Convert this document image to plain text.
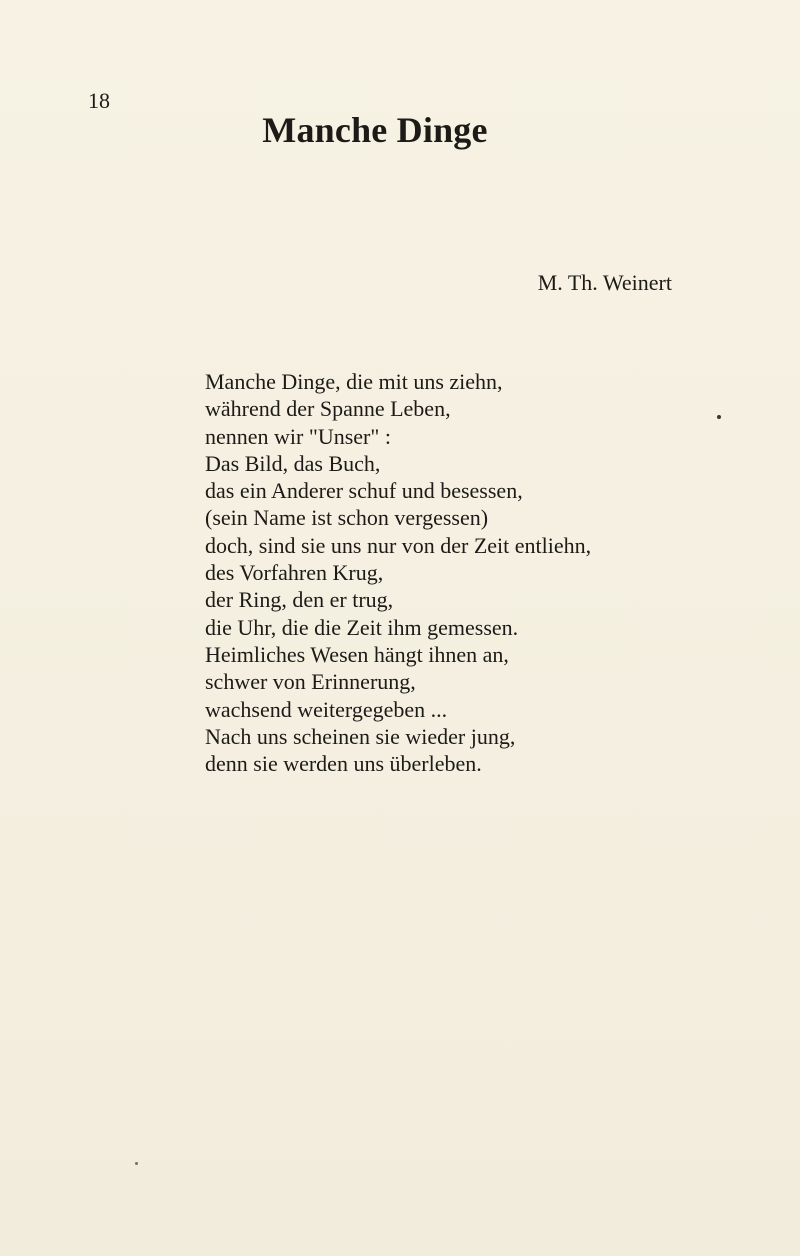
18
Manche Dinge
M. Th. Weinert
Manche Dinge, die mit uns ziehn,
während der Spanne Leben,
nennen wir "Unser" :
Das Bild, das Buch,
das ein Anderer schuf und besessen,
(sein Name ist schon vergessen)
doch, sind sie uns nur von der Zeit entliehn,
des Vorfahren Krug,
der Ring, den er trug,
die Uhr, die die Zeit ihm gemessen.
Heimliches Wesen hängt ihnen an,
schwer von Erinnerung,
wachsend weitergegeben ...
Nach uns scheinen sie wieder jung,
denn sie werden uns überleben.
